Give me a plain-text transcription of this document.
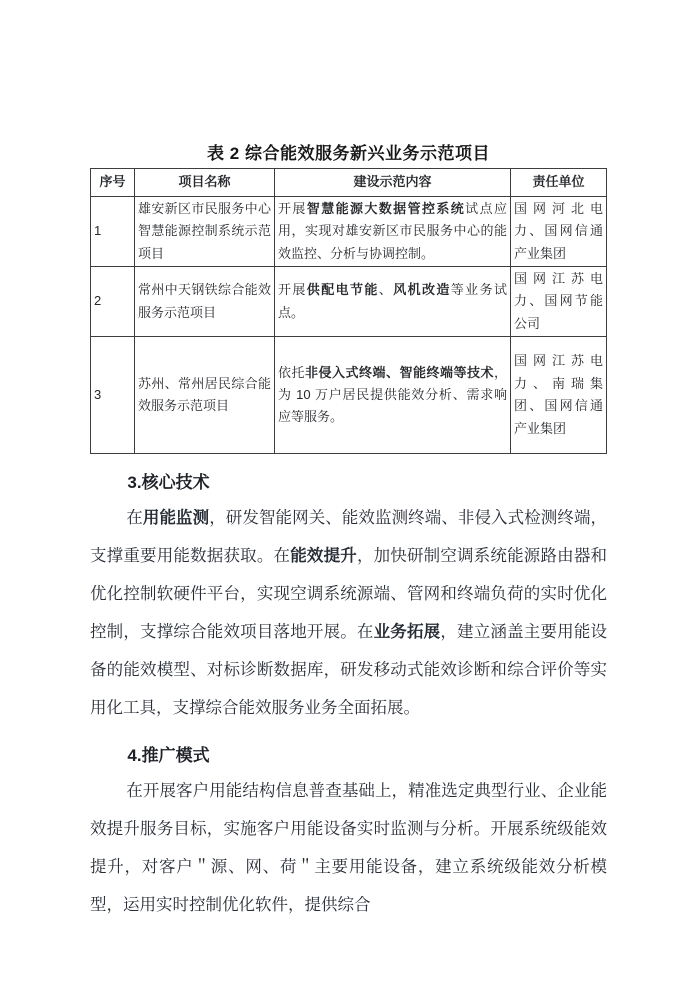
表 2 综合能效服务新兴业务示范项目
序号	项目名称	建设示范内容	责任单位
1	雄安新区市民服务中心智慧能源控制系统示范项目	开展智慧能源大数据管控系统试点应用，实现对雄安新区市民服务中心的能效监控、分析与协调控制。	国网河北电力、国网信通产业集团
2	常州中天钢铁综合能效服务示范项目	开展供配电节能、风机改造等业务试点。	国网江苏电力、国网节能公司
3	苏州、常州居民综合能效服务示范项目	依托非侵入式终端、智能终端等技术，为 10 万户居民提供能效分析、需求响应等服务。	国网江苏电力、南瑞集团、国网信通产业集团
3.核心技术

在用能监测，研发智能网关、能效监测终端、非侵入式检测终端，支撑重要用能数据获取。在能效提升，加快研制空调系统能源路由器和优化控制软硬件平台，实现空调系统源端、管网和终端负荷的实时优化控制，支撑综合能效项目落地开展。在业务拓展，建立涵盖主要用能设备的能效模型、对标诊断数据库，研发移动式能效诊断和综合评价等实用化工具，支撑综合能效服务业务全面拓展。

4.推广模式

在开展客户用能结构信息普查基础上，精准选定典型行业、企业能效提升服务目标，实施客户用能设备实时监测与分析。开展系统级能效提升，对客户＂源、网、荷＂主要用能设备，建立系统级能效分析模型，运用实时控制优化软件，提供综合
